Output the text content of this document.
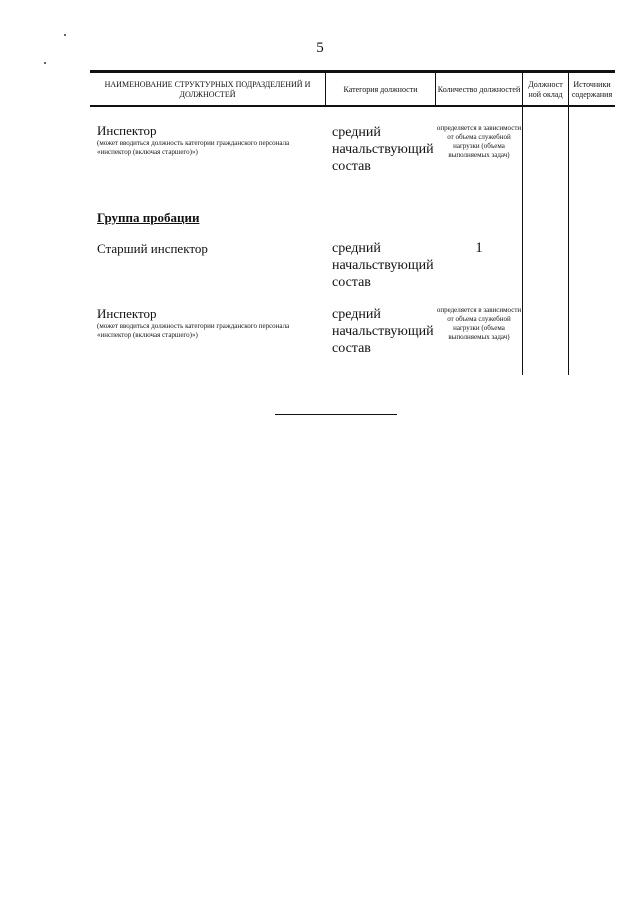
5
НАИМЕНОВАНИЕ СТРУКТУРНЫХ ПОДРАЗДЕЛЕНИЙ И ДОЛЖНОСТЕЙ
Категория должности	Количество должностей
Должност ной оклад
Источники содержания
Инспектор
(может вводиться должность категории гражданского персонала «инспектор (включая старшего)»)
средний начальствующий состав
определяется в зависимости от объема служебной нагрузки (объема выполняемых задач)
Группа пробации
Старший инспектор	средний начальствующий состав
1
Инспектор
(может вводиться должность категории гражданского персонала «инспектор (включая старшего)»)
средний начальствующий состав
определяется в зависимости от объема служебной нагрузки (объема выполняемых задач)
